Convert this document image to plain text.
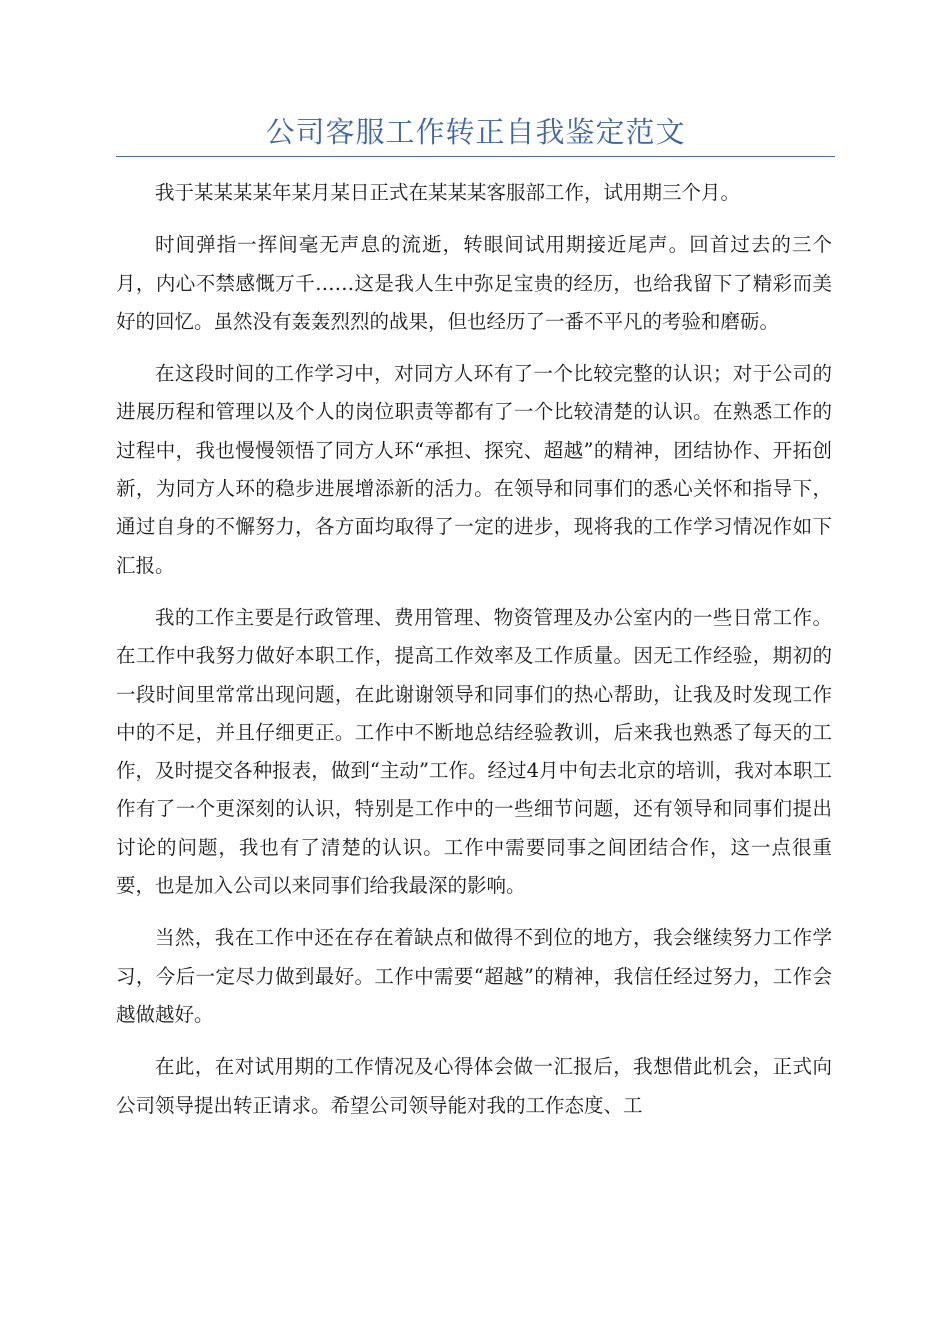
公司客服工作转正自我鉴定范文

我于某某某某年某月某日正式在某某某客服部工作，试用期三个月。

时间弹指一挥间毫无声息的流逝，转眼间试用期接近尾声。回首过去的三个月，内心不禁感慨万千……这是我人生中弥足宝贵的经历，也给我留下了精彩而美好的回忆。虽然没有轰轰烈烈的战果，但也经历了一番不平凡的考验和磨砺。

在这段时间的工作学习中，对同方人环有了一个比较完整的认识；对于公司的进展历程和管理以及个人的岗位职责等都有了一个比较清楚的认识。在熟悉工作的过程中，我也慢慢领悟了同方人环“承担、探究、超越”的精神，团结协作、开拓创新，为同方人环的稳步进展增添新的活力。在领导和同事们的悉心关怀和指导下，通过自身的不懈努力，各方面均取得了一定的进步，现将我的工作学习情况作如下汇报。

我的工作主要是行政管理、费用管理、物资管理及办公室内的一些日常工作。在工作中我努力做好本职工作，提高工作效率及工作质量。因无工作经验，期初的一段时间里常常出现问题，在此谢谢领导和同事们的热心帮助，让我及时发现工作中的不足，并且仔细更正。工作中不断地总结经验教训，后来我也熟悉了每天的工作，及时提交各种报表，做到“主动”工作。经过4月中旬去北京的培训，我对本职工作有了一个更深刻的认识，特别是工作中的一些细节问题，还有领导和同事们提出讨论的问题，我也有了清楚的认识。工作中需要同事之间团结合作，这一点很重要，也是加入公司以来同事们给我最深的影响。

当然，我在工作中还在存在着缺点和做得不到位的地方，我会继续努力工作学习，今后一定尽力做到最好。工作中需要“超越”的精神，我信任经过努力，工作会越做越好。

在此，在对试用期的工作情况及心得体会做一汇报后，我想借此机会，正式向公司领导提出转正请求。希望公司领导能对我的工作态度、工
